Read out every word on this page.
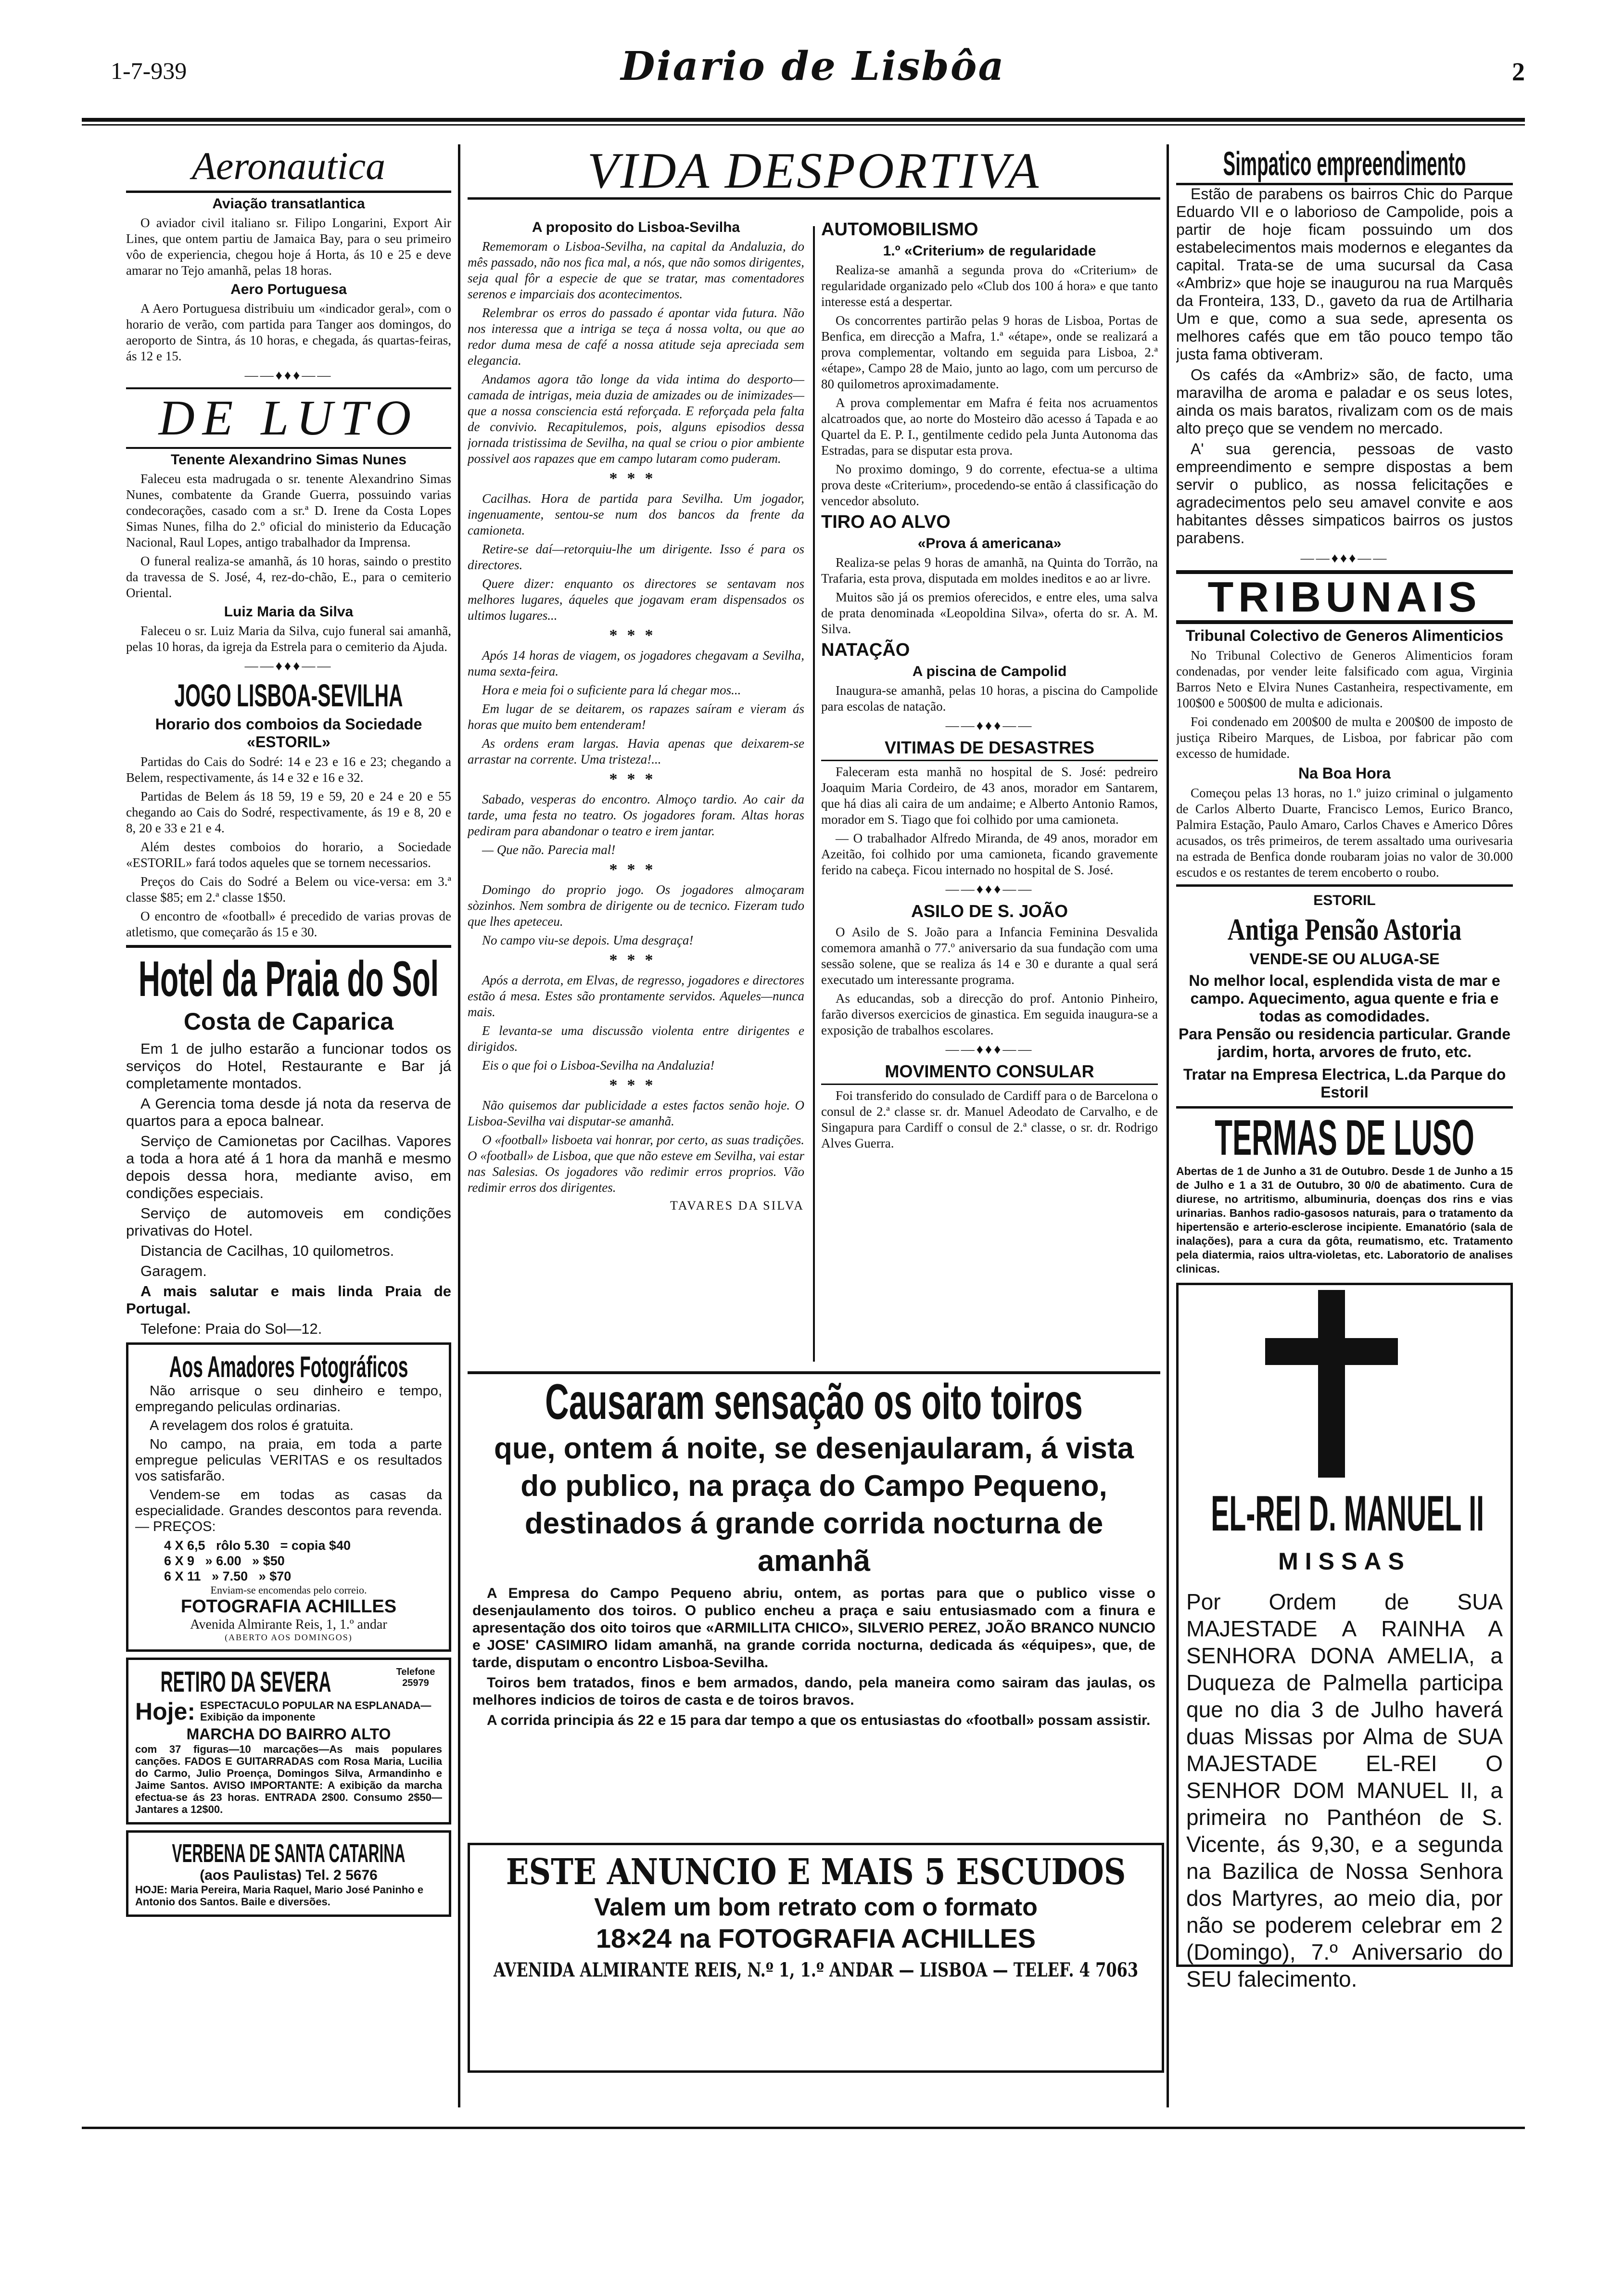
1-7-939	Diario de Lisbôa	2
Aeronautica
Aviação transatlantica

O aviador civil italiano sr. Filipo Longarini, Export Air Lines, que ontem partiu de Jamaica Bay, para o seu primeiro vôo de experiencia, chegou hoje á Horta, ás 10 e 25 e deve amarar no Tejo amanhã, pelas 18 horas.

Aero Portuguesa

A Aero Portuguesa distribuiu um «indicador geral», com o horario de verão, com partida para Tanger aos domingos, do aeroporto de Sintra, ás 10 horas, e chegada, ás quartas-feiras, ás 12 e 15.

——♦♦♦——
DE LUTO
Tenente Alexandrino Simas Nunes

Faleceu esta madrugada o sr. tenente Alexandrino Simas Nunes, combatente da Grande Guerra, possuindo varias condecorações, casado com a sr.ª D. Irene da Costa Lopes Simas Nunes, filha do 2.º oficial do ministerio da Educação Nacional, Raul Lopes, antigo trabalhador da Imprensa.

O funeral realiza-se amanhã, ás 10 horas, saindo o prestito da travessa de S. José, 4, rez-do-chão, E., para o cemiterio Oriental.

Luiz Maria da Silva

Faleceu o sr. Luiz Maria da Silva, cujo funeral sai amanhã, pelas 10 horas, da igreja da Estrela para o cemiterio da Ajuda.

——♦♦♦——
JOGO LISBOA-SEVILHA
Horario dos comboios da Sociedade «ESTORIL»

Partidas do Cais do Sodré: 14 e 23 e 16 e 23; chegando a Belem, respectivamente, ás 14 e 32 e 16 e 32.

Partidas de Belem ás 18 59, 19 e 59, 20 e 24 e 20 e 55 chegando ao Cais do Sodré, respectivamente, ás 19 e 8, 20 e 8, 20 e 33 e 21 e 4.

Além destes comboios do horario, a Sociedade «ESTORIL» fará todos aqueles que se tornem necessarios.

Preços do Cais do Sodré a Belem ou vice-versa: em 3.ª classe $85; em 2.ª classe 1$50.

O encontro de «football» é precedido de varias provas de atletismo, que começarão ás 15 e 30.

Hotel da Praia do Sol
Costa de Caparica

Em 1 de julho estarão a funcionar todos os serviços do Hotel, Restaurante e Bar já completamente montados.

A Gerencia toma desde já nota da reserva de quartos para a epoca balnear.

Serviço de Camionetas por Cacilhas. Vapores a toda a hora até á 1 hora da manhã e mesmo depois dessa hora, mediante aviso, em condições especiais.

Serviço de automoveis em condições privativas do Hotel.

Distancia de Cacilhas, 10 quilometros.

Garagem.

A mais salutar e mais linda Praia de Portugal.

Telefone: Praia do Sol—12.

Aos Amadores Fotográficos

Não arrisque o seu dinheiro e tempo, empregando peliculas ordinarias.

A revelagem dos rolos é gratuita.

No campo, na praia, em toda a parte empregue peliculas VERITAS e os resultados vos satisfarão.

Vendem-se em todas as casas da especialidade. Grandes descontos para revenda. — PREÇOS:

4 X 6,5 rôlo 5.30 = copia $40
6 X 9 » 6.00 » $50
6 X 11 » 7.50 » $70
Enviam-se encomendas pelo correio.
FOTOGRAFIA ACHILLES
Avenida Almirante Reis, 1, 1.º andar
(ABERTO AOS DOMINGOS)
RETIRO DA SEVERA	Telefone 25979
Hoje: ESPECTACULO POPULAR NA ESPLANADA—Exibição da imponente
MARCHA DO BAIRRO ALTO
com 37 figuras—10 marcações—As mais populares canções. FADOS E GUITARRADAS com Rosa Maria, Lucilia do Carmo, Julio Proença, Domingos Silva, Armandinho e Jaime Santos. AVISO IMPORTANTE: A exibição da marcha efectua-se ás 23 horas. ENTRADA 2$00. Consumo 2$50—Jantares a 12$00.
VERBENA DE SANTA CATARINA
(aos Paulistas) Tel. 2 5676
HOJE: Maria Pereira, Maria Raquel, Mario José Paninho e Antonio dos Santos. Baile e diversões.
VIDA DESPORTIVA
A proposito do Lisboa-Sevilha

Rememoram o Lisboa-Sevilha, na capital da Andaluzia, do mês passado, não nos fica mal, a nós, que não somos dirigentes, seja qual fôr a especie de que se tratar, mas comentadores serenos e imparciais dos acontecimentos.

Relembrar os erros do passado é apontar vida futura. Não nos interessa que a intriga se teça á nossa volta, ou que ao redor duma mesa de café a nossa atitude seja apreciada sem elegancia.

Andamos agora tão longe da vida intima do desporto—camada de intrigas, meia duzia de amizades ou de inimizades—que a nossa consciencia está reforçada. E reforçada pela falta de convivio. Recapitulemos, pois, alguns episodios dessa jornada tristissima de Sevilha, na qual se criou o pior ambiente possivel aos rapazes que em campo lutaram como puderam.

***

Cacilhas. Hora de partida para Sevilha. Um jogador, ingenuamente, sentou-se num dos bancos da frente da camioneta.

Retire-se daí—retorquiu-lhe um dirigente. Isso é para os directores.

Quere dizer: enquanto os directores se sentavam nos melhores lugares, áqueles que jogavam eram dispensados os ultimos lugares...

***

Após 14 horas de viagem, os jogadores chegavam a Sevilha, numa sexta-feira.

Hora e meia foi o suficiente para lá chegar mos...

Em lugar de se deitarem, os rapazes saíram e vieram ás horas que muito bem entenderam!

As ordens eram largas. Havia apenas que deixarem-se arrastar na corrente. Uma tristeza!...

***

Sabado, vesperas do encontro. Almoço tardio. Ao cair da tarde, uma festa no teatro. Os jogadores foram. Altas horas pediram para abandonar o teatro e irem jantar.

— Que não. Parecia mal!

***

Domingo do proprio jogo. Os jogadores almoçaram sòzinhos. Nem sombra de dirigente ou de tecnico. Fizeram tudo que lhes apeteceu.

No campo viu-se depois. Uma desgraça!

***

Após a derrota, em Elvas, de regresso, jogadores e directores estão á mesa. Estes são prontamente servidos. Aqueles—nunca mais.

E levanta-se uma discussão violenta entre dirigentes e dirigidos.

Eis o que foi o Lisboa-Sevilha na Andaluzia!

***

Não quisemos dar publicidade a estes factos senão hoje. O Lisboa-Sevilha vai disputar-se amanhã.

O «football» lisboeta vai honrar, por certo, as suas tradições. O «football» de Lisboa, que que não esteve em Sevilha, vai estar nas Salesias. Os jogadores vão redimir erros proprios. Vão redimir erros dos dirigentes.

TAVARES DA SILVA
AUTOMOBILISMO
1.º «Criterium» de regularidade

Realiza-se amanhã a segunda prova do «Criterium» de regularidade organizado pelo «Club dos 100 á hora» e que tanto interesse está a despertar.

Os concorrentes partirão pelas 9 horas de Lisboa, Portas de Benfica, em direcção a Mafra, 1.ª «étape», onde se realizará a prova complementar, voltando em seguida para Lisboa, 2.ª «étape», Campo 28 de Maio, junto ao lago, com um percurso de 80 quilometros aproximadamente.

A prova complementar em Mafra é feita nos acruamentos alcatroados que, ao norte do Mosteiro dão acesso á Tapada e ao Quartel da E. P. I., gentilmente cedido pela Junta Autonoma das Estradas, para se disputar esta prova.

No proximo domingo, 9 do corrente, efectua-se a ultima prova deste «Criterium», procedendo-se então á classificação do vencedor absoluto.

TIRO AO ALVO
«Prova á americana»

Realiza-se pelas 9 horas de amanhã, na Quinta do Torrão, na Trafaria, esta prova, disputada em moldes ineditos e ao ar livre.

Muitos são já os premios oferecidos, e entre eles, uma salva de prata denominada «Leopoldina Silva», oferta do sr. A. M. Silva.

NATAÇÃO
A piscina de Campolid

Inaugura-se amanhã, pelas 10 horas, a piscina do Campolide para escolas de natação.

——♦♦♦——
VITIMAS DE DESASTRES

Faleceram esta manhã no hospital de S. José: pedreiro Joaquim Maria Cordeiro, de 43 anos, morador em Santarem, que há dias ali caira de um andaime; e Alberto Antonio Ramos, morador em S. Tiago que foi colhido por uma camioneta.

— O trabalhador Alfredo Miranda, de 49 anos, morador em Azeitão, foi colhido por uma camioneta, ficando gravemente ferido na cabeça. Ficou internado no hospital de S. José.

——♦♦♦——
ASILO DE S. JOÃO

O Asilo de S. João para a Infancia Feminina Desvalida comemora amanhã o 77.º aniversario da sua fundação com uma sessão solene, que se realiza ás 14 e 30 e durante a qual será executado um interessante programa.

As educandas, sob a direcção do prof. Antonio Pinheiro, farão diversos exercicios de ginastica. Em seguida inaugura-se a exposição de trabalhos escolares.

——♦♦♦——
MOVIMENTO CONSULAR

Foi transferido do consulado de Cardiff para o de Barcelona o consul de 2.ª classe sr. dr. Manuel Adeodato de Carvalho, e de Singapura para Cardiff o consul de 2.ª classe, o sr. dr. Rodrigo Alves Guerra.

Causaram sensação os oito toiros
que, ontem á noite, se desenjaularam, á vista do publico, na praça do Campo Pequeno, destinados á grande corrida nocturna de amanhã

A Empresa do Campo Pequeno abriu, ontem, as portas para que o publico visse o desenjaulamento dos toiros. O publico encheu a praça e saiu entusiasmado com a finura e apresentação dos oito toiros que «ARMILLITA CHICO», SILVERIO PEREZ, JOÃO BRANCO NUNCIO e JOSE' CASIMIRO lidam amanhã, na grande corrida nocturna, dedicada ás «équipes», que, de tarde, disputam o encontro Lisboa-Sevilha.

Toiros bem tratados, finos e bem armados, dando, pela maneira como sairam das jaulas, os melhores indicios de toiros de casta e de toiros bravos.

A corrida principia ás 22 e 15 para dar tempo a que os entusiastas do «football» possam assistir.

ESTE ANUNCIO E MAIS 5 ESCUDOS
Valem um bom retrato com o formato
18×24 na FOTOGRAFIA ACHILLES
AVENIDA ALMIRANTE REIS, N.º 1, 1.º ANDAR — LISBOA — TELEF. 4 7063
Simpatico empreendimento

Estão de parabens os bairros Chic do Parque Eduardo VII e o laborioso de Campolide, pois a partir de hoje ficam possuindo um dos estabelecimentos mais modernos e elegantes da capital. Trata-se de uma sucursal da Casa «Ambriz» que hoje se inaugurou na rua Marquês da Fronteira, 133, D., gaveto da rua de Artilharia Um e que, como a sua sede, apresenta os melhores cafés que em tão pouco tempo tão justa fama obtiveram.

Os cafés da «Ambriz» são, de facto, uma maravilha de aroma e paladar e os seus lotes, ainda os mais baratos, rivalizam com os de mais alto preço que se vendem no mercado.

A' sua gerencia, pessoas de vasto empreendimento e sempre dispostas a bem servir o publico, as nossa felicitações e agradecimentos pelo seu amavel convite e aos habitantes dêsses simpaticos bairros os justos parabens.

——♦♦♦——
TRIBUNAIS
Tribunal Colectivo de Generos Alimenticios

No Tribunal Colectivo de Generos Alimenticios foram condenadas, por vender leite falsificado com agua, Virginia Barros Neto e Elvira Nunes Castanheira, respectivamente, em 100$00 e 500$00 de multa e adicionais.

Foi condenado em 200$00 de multa e 200$00 de imposto de justiça Ribeiro Marques, de Lisboa, por fabricar pão com excesso de humidade.

Na Boa Hora

Começou pelas 13 horas, no 1.º juizo criminal o julgamento de Carlos Alberto Duarte, Francisco Lemos, Eurico Branco, Palmira Estação, Paulo Amaro, Carlos Chaves e Americo Dôres acusados, os três primeiros, de terem assaltado uma ourivesaria na estrada de Benfica donde roubaram joias no valor de 30.000 escudos e os restantes de terem encoberto o roubo.

ESTORIL
Antiga Pensão Astoria
VENDE-SE OU ALUGA-SE
No melhor local, esplendida vista de mar e campo. Aquecimento, agua quente e fria e todas as comodidades.
Para Pensão ou residencia particular. Grande jardim, horta, arvores de fruto, etc.
Tratar na Empresa Electrica, L.da Parque do Estoril
TERMAS DE LUSO
Abertas de 1 de Junho a 31 de Outubro. Desde 1 de Junho a 15 de Julho e 1 a 31 de Outubro, 30 0/0 de abatimento. Cura de diurese, no artritismo, albuminuria, doenças dos rins e vias urinarias. Banhos radio-gasosos naturais, para o tratamento da hipertensão e arterio-esclerose incipiente. Emanatório (sala de inalações), para a cura da gôta, reumatismo, etc. Tratamento pela diatermia, raios ultra-violetas, etc. Laboratorio de analises clinicas.
EL-REI D. MANUEL II
MISSAS
Por Ordem de SUA MAJESTADE A RAINHA A SENHORA DONA AMELIA, a Duqueza de Palmella participa que no dia 3 de Julho haverá duas Missas por Alma de SUA MAJESTADE EL-REI O SENHOR DOM MANUEL II, a primeira no Panthéon de S. Vicente, ás 9,30, e a segunda na Bazilica de Nossa Senhora dos Martyres, ao meio dia, por não se poderem celebrar em 2 (Domingo), 7.º Aniversario do SEU falecimento.
